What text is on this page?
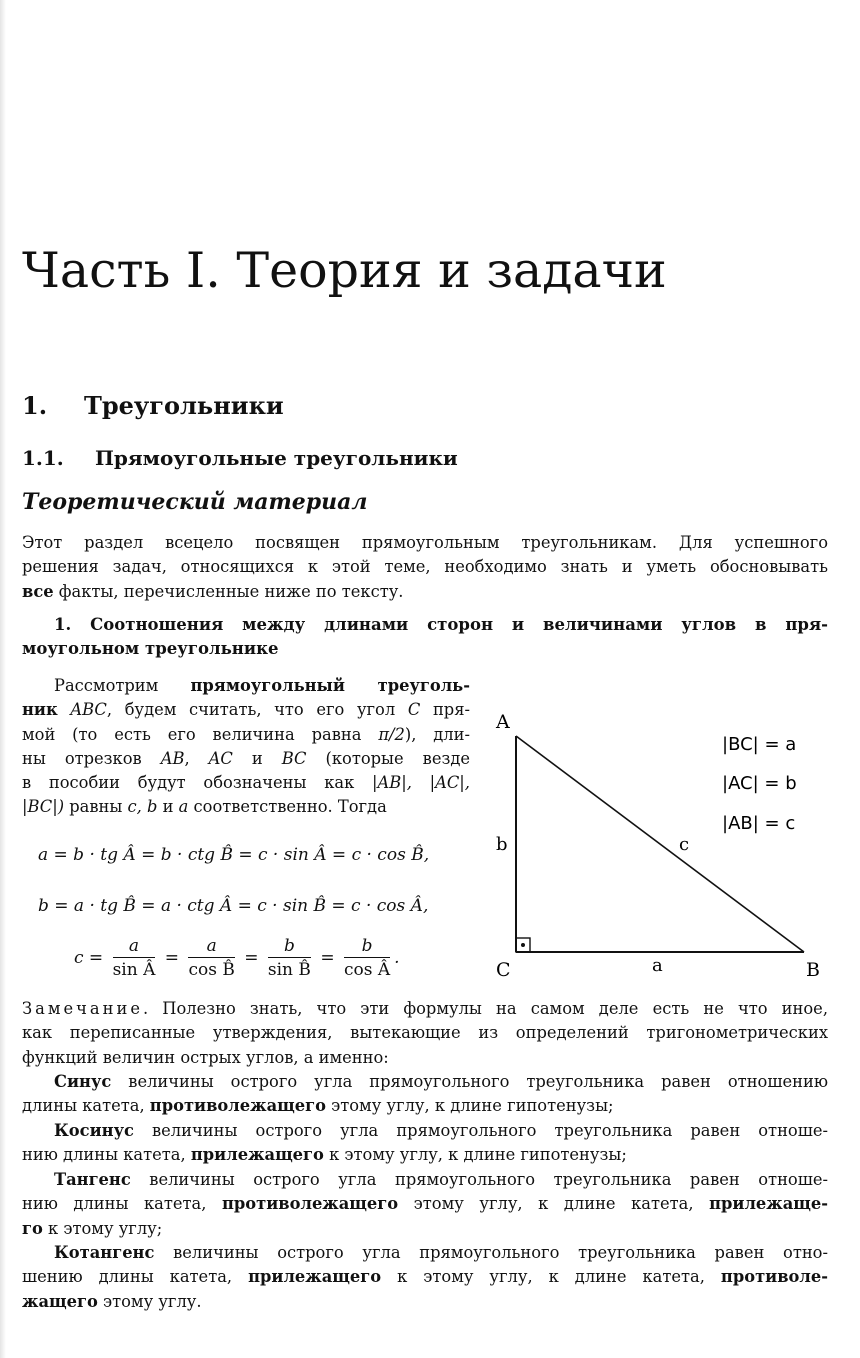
Часть I. Теория и задачи
1. Треугольники
1.1. Прямоугольные треугольники
Теоретический материал
Этот раздел всецело посвящен прямоугольным треугольникам. Для успешного
решения задач, относящихся к этой теме, необходимо знать и уметь обосновывать
все факты, перечисленные ниже по тексту.
1. Соотношения между длинами сторон и величинами углов в пря-
моугольном треугольнике
Рассмотрим прямоугольный треуголь-
ник ABC, будем считать, что его угол C пря-
мой (то есть его величина равна π/2), дли-
ны отрезков AB, AC и BC (которые везде
в пособии будут обозначены как |AB|, |AC|,
|BC|) равны c, b и a соответственно. Тогда
a = b · tg Â = b · ctg B̂ = c · sin Â = c · cos B̂,
b = a · tg B̂ = a · ctg Â = c · sin B̂ = c · cos Â,
$c = \frac{a}{\text{sin Â}} = \frac{a}{\text{cos B̂}} = \frac{b}{\text{sin B̂}} = \frac{b}{\text{cos Â}}$ .
A
C	B
a
b	c
|BC| = a
|AC| = b
|AB| = c
Замечание. Полезно знать, что эти формулы на самом деле есть не что иное,
как переписанные утверждения, вытекающие из определений тригонометрических
функций величин острых углов, а именно:
Синус величины острого угла прямоугольного треугольника равен отношению
длины катета, противолежащего этому углу, к длине гипотенузы;
Косинус величины острого угла прямоугольного треугольника равен отноше-
нию длины катета, прилежащего к этому углу, к длине гипотенузы;
Тангенс величины острого угла прямоугольного треугольника равен отноше-
нию длины катета, противолежащего этому углу, к длине катета, прилежаще-
го к этому углу;
Котангенс величины острого угла прямоугольного треугольника равен отно-
шению длины катета, прилежащего к этому углу, к длине катета, противоле-
жащего этому углу.
